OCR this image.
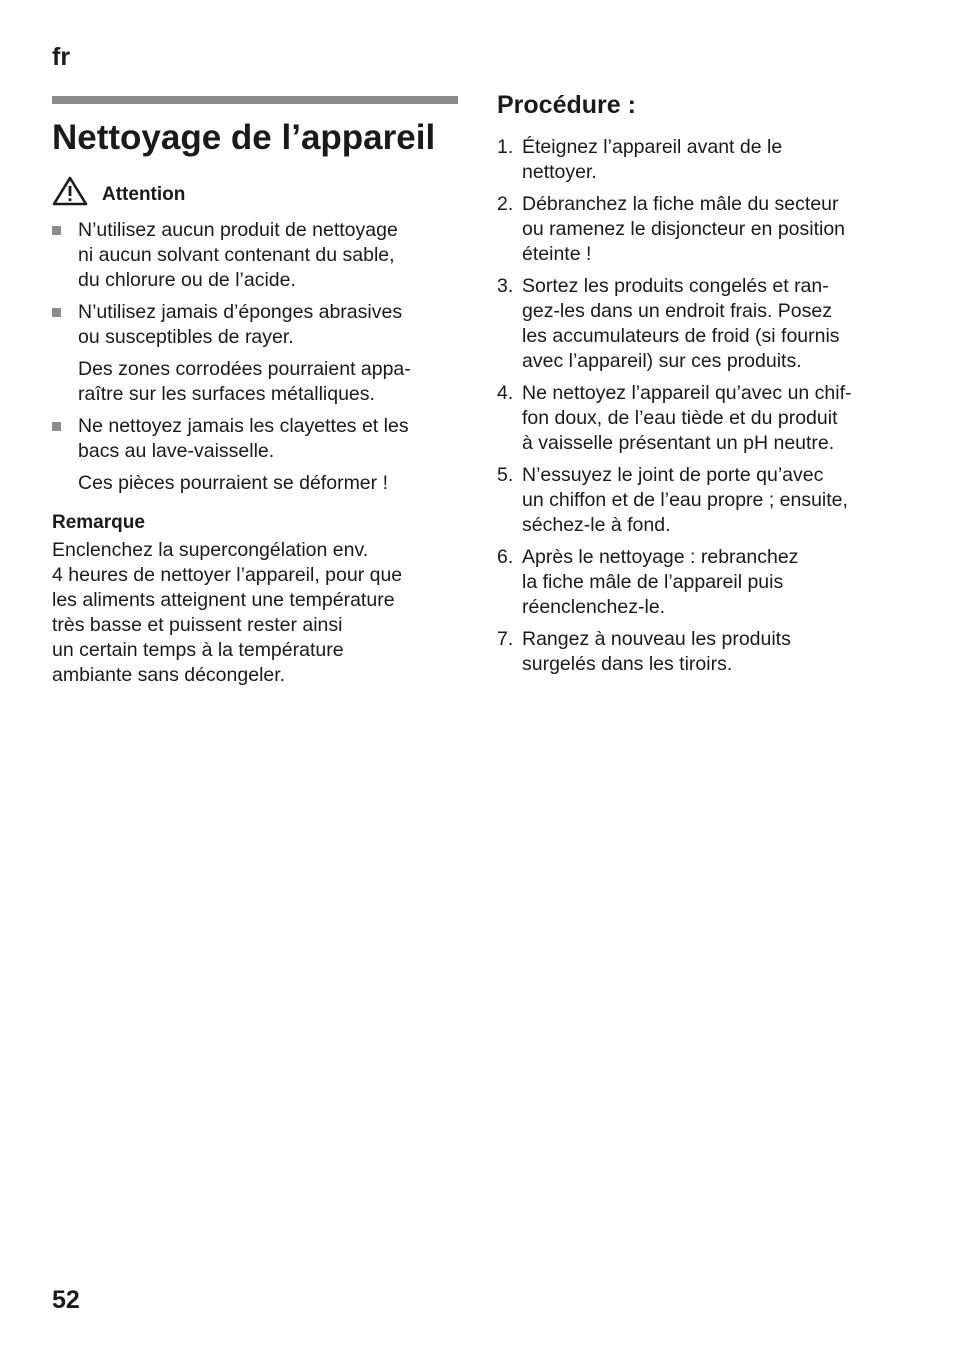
fr
Nettoyage de l’appareil
Attention
N’utilisez aucun produit de nettoyage
ni aucun solvant contenant du sable,
du chlorure ou de l’acide.
N’utilisez jamais d’éponges abrasives
ou susceptibles de rayer.
Des zones corrodées pourraient appa-
raître sur les surfaces métalliques.
Ne nettoyez jamais les clayettes et les
bacs au lave-vaisselle.
Ces pièces pourraient se déformer !
Remarque
Enclenchez la supercongélation env.
4 heures de nettoyer l’appareil, pour que
les aliments atteignent une température
très basse et puissent rester ainsi
un certain temps à la température
ambiante sans décongeler.
Procédure :
1. Éteignez l’appareil avant de le
nettoyer.
2. Débranchez la fiche mâle du secteur
ou ramenez le disjoncteur en position
éteinte !
3. Sortez les produits congelés et ran-
gez-les dans un endroit frais. Posez
les accumulateurs de froid (si fournis
avec l’appareil) sur ces produits.
4. Ne nettoyez l’appareil qu’avec un chif-
fon doux, de l’eau tiède et du produit
à vaisselle présentant un pH neutre.
5. N’essuyez le joint de porte qu’avec
un chiffon et de l’eau propre ; ensuite,
séchez-le à fond.
6. Après le nettoyage : rebranchez
la fiche mâle de l’appareil puis
réenclenchez-le.
7. Rangez à nouveau les produits
surgelés dans les tiroirs.
52
